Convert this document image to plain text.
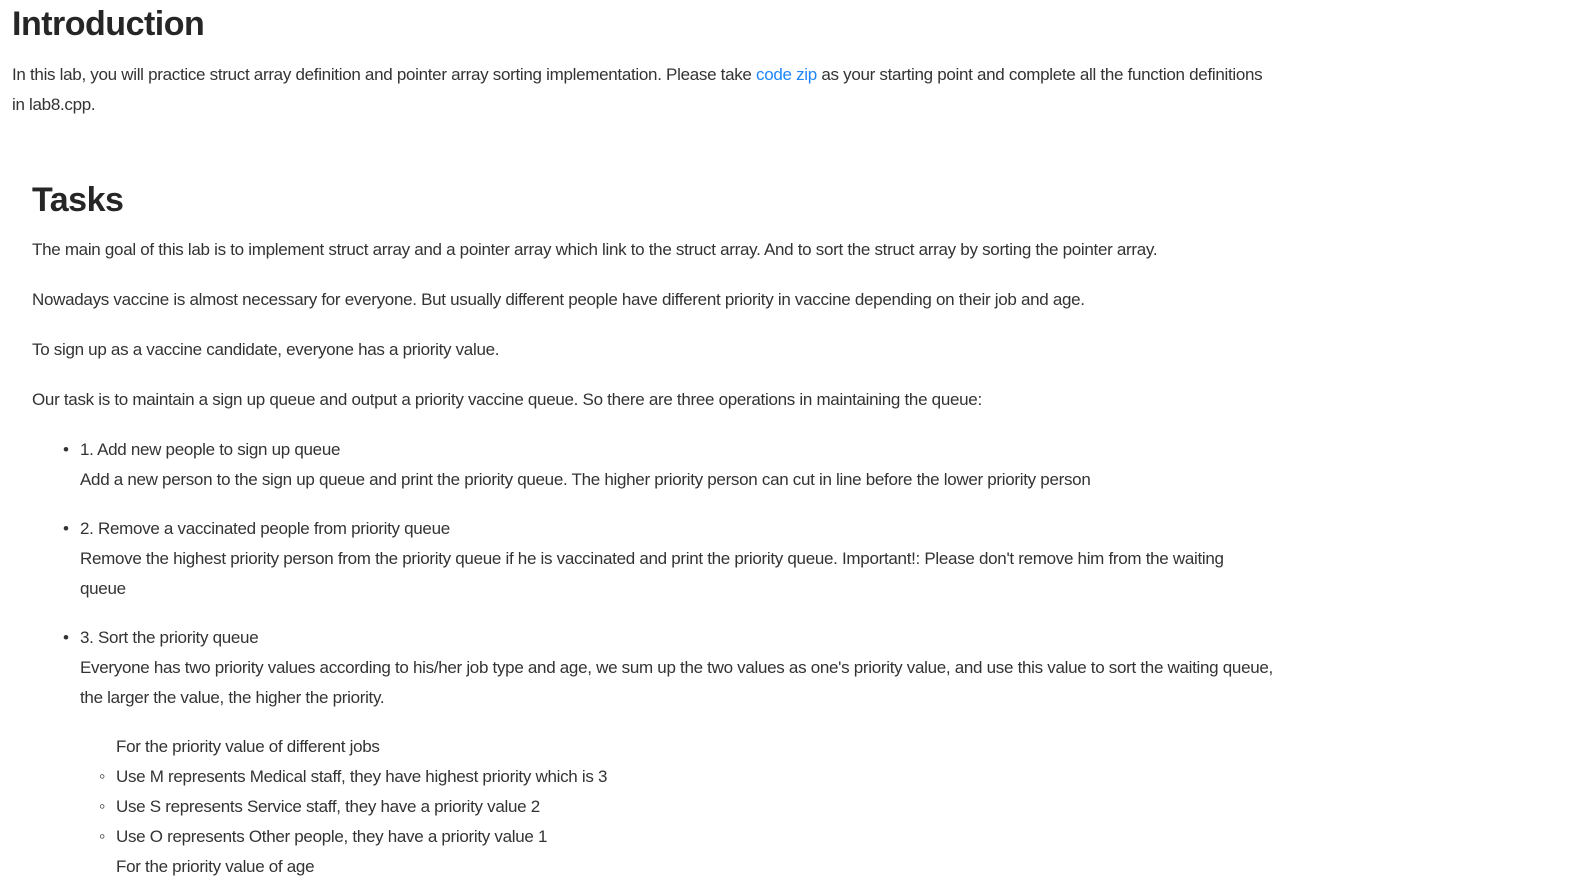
Introduction

In this lab, you will practice struct array definition and pointer array sorting implementation. Please take code zip as your starting point and complete all the function definitions
in lab8.cpp.

Tasks

The main goal of this lab is to implement struct array and a pointer array which link to the struct array. And to sort the struct array by sorting the pointer array.

Nowadays vaccine is almost necessary for everyone. But usually different people have different priority in vaccine depending on their job and age.

To sign up as a vaccine candidate, everyone has a priority value.

Our task is to maintain a sign up queue and output a priority vaccine queue. So there are three operations in maintaining the queue:

• 1. Add new people to sign up queue
Add a new person to the sign up queue and print the priority queue. The higher priority person can cut in line before the lower priority person
• 2. Remove a vaccinated people from priority queue
Remove the highest priority person from the priority queue if he is vaccinated and print the priority queue. Important!: Please don't remove him from the waiting
queue
• 3. Sort the priority queue
Everyone has two priority values according to his/her job type and age, we sum up the two values as one's priority value, and use this value to sort the waiting queue,
the larger the value, the higher the priority.
For the priority value of different jobs
◦ Use M represents Medical staff, they have highest priority which is 3
◦ Use S represents Service staff, they have a priority value 2
◦ Use O represents Other people, they have a priority value 1
For the priority value of age
